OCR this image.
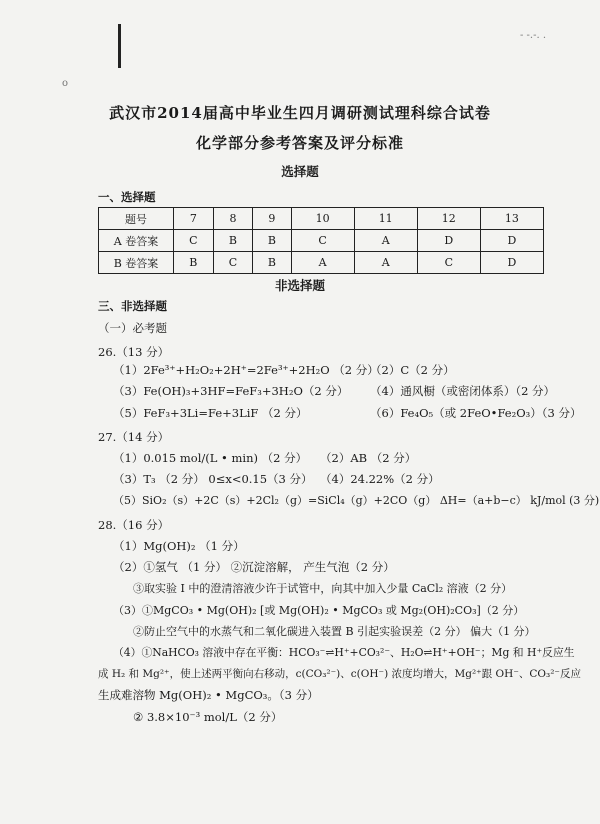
- -.-. .
o
武汉市2014届高中毕业生四月调研测试理科综合试卷
化学部分参考答案及评分标准
选择题
一、选择题
题号	7	8	9	10	11	12	13
A 卷答案	C	B	B	C	A	D	D
B 卷答案	B	C	B	A	A	C	D
非选择题
三、非选择题
（一）必考题
26.（13 分）
（1）2Fe³⁺+H₂O₂+2H⁺=2Fe³⁺+2H₂O （2 分）
（2）C（2 分）
（3）Fe(OH)₃+3HF=FeF₃+3H₂O（2 分） （4）通风橱（或密闭体系）（2 分）
（5）FeF₃+3Li=Fe+3LiF （2 分）	（6）Fe₄O₅（或 2FeO•Fe₂O₃）（3 分）
27.（14 分）
（1）0.015 mol/(L • min) （2 分） （2）AB （2 分）
（3）T₃ （2 分） 0≤x<0.15（3 分） （4）24.22%（2 分）
（5）SiO₂（s）+2C（s）+2Cl₂（g）=SiCl₄（g）+2CO（g） ΔH=（a+b−c） kJ/mol (3 分)
28.（16 分）
（1）Mg(OH)₂ （1 分）
（2）①氢气 （1 分） ②沉淀溶解， 产生气泡（2 分）
③取实验 I 中的澄清溶液少许于试管中，向其中加入少量 CaCl₂ 溶液（2 分）
（3）①MgCO₃ • Mg(OH)₂ [或 Mg(OH)₂ • MgCO₃ 或 Mg₂(OH)₂CO₃]（2 分）
②防止空气中的水蒸气和二氧化碳进入装置 B 引起实验误差（2 分） 偏大（1 分）
（4）①NaHCO₃ 溶液中存在平衡：HCO₃⁻⇌H⁺+CO₃²⁻、H₂O⇌H⁺+OH⁻；Mg 和 H⁺反应生
成 H₂ 和 Mg²⁺，使上述两平衡向右移动，c(CO₃²⁻)、c(OH⁻) 浓度均增大，Mg²⁺跟 OH⁻、CO₃²⁻反应
生成难溶物 Mg(OH)₂ • MgCO₃。（3 分）
② 3.8×10⁻³ mol/L（2 分）
